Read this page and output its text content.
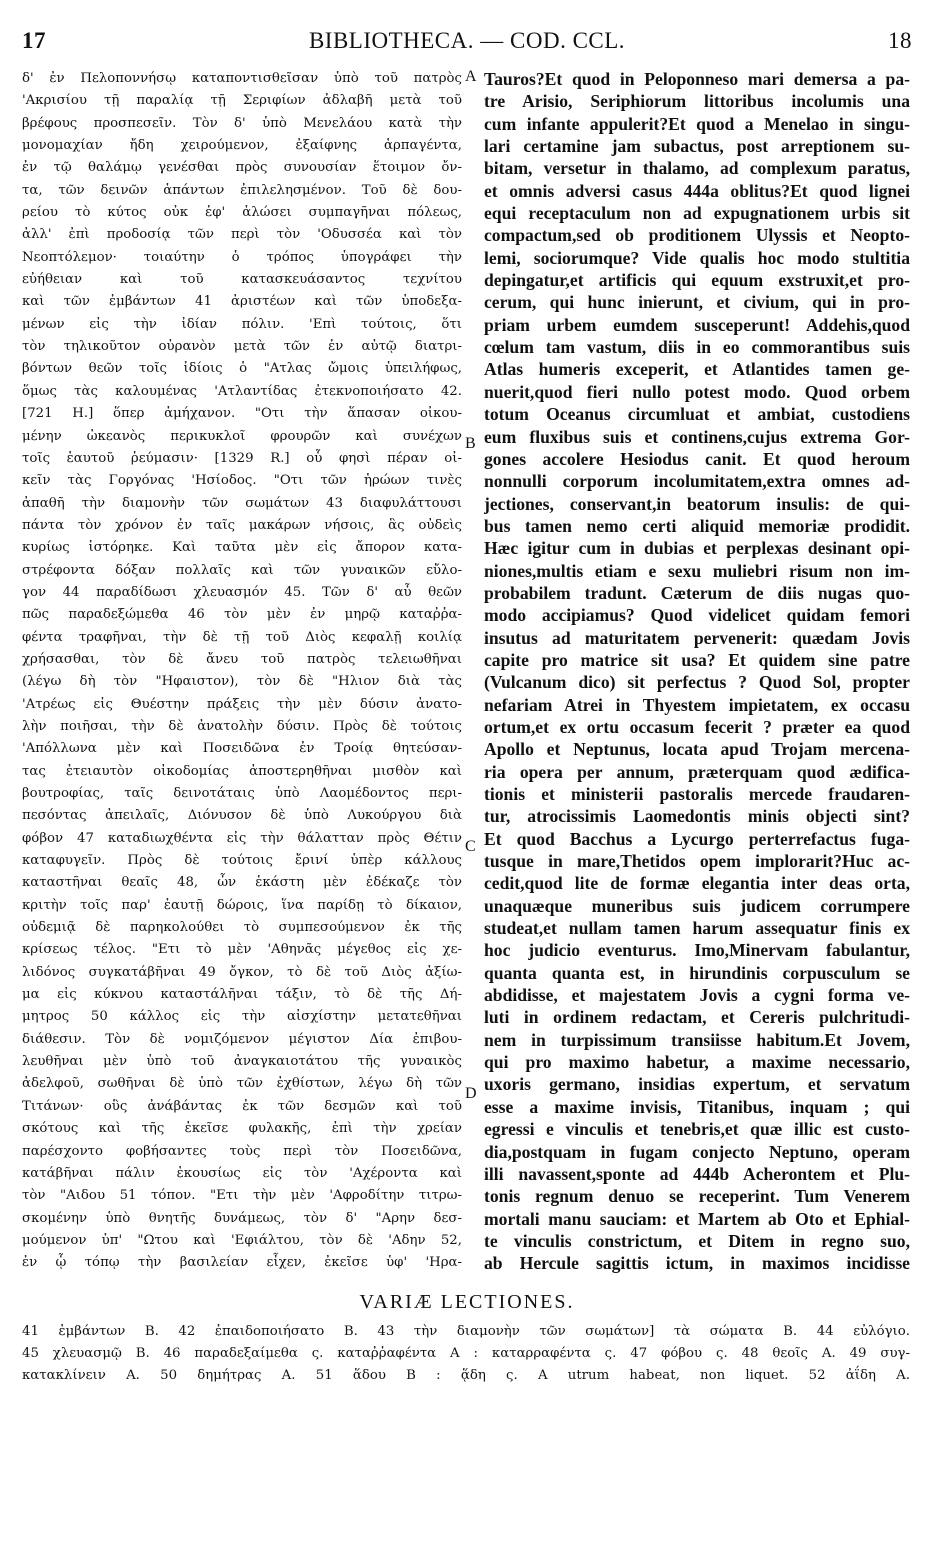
17	BIBLIOTHECA. — COD. CCL.	18
δ' ἐν Πελοποννήσῳ καταποντισθεῖσαν ὑπὸ τοῦ πατρὸς
'Ακρισίου τῇ παραλίᾳ τῇ Σεριφίων ἀδλαβῆ μετὰ τοῦ
βρέφους προσπεσεῖν. Τὸν δ' ὑπὸ Μενελάου κατὰ τὴν
μονομαχίαν ἤδη χειρούμενον, ἐξαίφνης ἁρπαγέντα,
ἐν τῷ θαλάμῳ γενέσθαι πρὸς συνουσίαν ἕτοιμον ὄν-
τα, τῶν δεινῶν ἁπάντων ἐπιλελησμένον. Τοῦ δὲ δου-
ρείου τὸ κύτος οὐκ ἐφ' ἁλώσει συμπαγῆναι πόλεως,
ἀλλ' ἐπὶ προδοσίᾳ τῶν περὶ τὸν 'Οδυσσέα καὶ τὸν
Νεοπτόλεμον· τοιαύτην ὁ τρόπος ὑπογράφει τὴν
εὐήθειαν καὶ τοῦ κατασκευάσαντος τεχνίτου
καὶ τῶν ἐμβάντων 41 ἀριστέων καὶ τῶν ὑποδεξα-
μένων εἰς τὴν ἰδίαν πόλιν. 'Επὶ τούτοις, ὅτι
τὸν τηλικοῦτον οὐρανὸν μετὰ τῶν ἐν αὐτῷ διατρι-
βόντων θεῶν τοῖς ἰδίοις ὁ "Ατλας ὤμοις ὑπειλήφως,
ὅμως τὰς καλουμένας 'Ατλαντίδας ἐτεκνοποιήσατο 42.
[721 H.] ὅπερ ἀμήχανον. "Οτι τὴν ἅπασαν οἰκου-
μένην ὠκεανὸς περικυκλοῖ φρουρῶν καὶ συνέχων
τοῖς ἑαυτοῦ ῥεύμασιν· [1329 R.] οὗ φησὶ πέραν οἰ-
κεῖν τὰς Γοργόνας 'Ησίοδος. "Οτι τῶν ἡρώων τινὲς
ἀπαθῆ τὴν διαμονὴν τῶν σωμάτων 43 διαφυλάττουσι
πάντα τὸν χρόνον ἐν ταῖς μακάρων νήσοις, ἃς οὐδεὶς
κυρίως ἱστόρηκε. Καὶ ταῦτα μὲν εἰς ἄπορον κατα-
στρέφοντα δόξαν πολλαῖς καὶ τῶν γυναικῶν εὔλο-
γον 44 παραδίδωσι χλευασμόν 45. Τῶν δ' αὖ θεῶν
πῶς παραδεξώμεθα 46 τὸν μὲν ἐν μηρῷ καταῤῥα-
φέντα τραφῆναι, τὴν δὲ τῇ τοῦ Διὸς κεφαλῇ κοιλίᾳ
χρήσασθαι, τὸν δὲ ἄνευ τοῦ πατρὸς τελειωθῆναι
(λέγω δὴ τὸν "Ηφαιστον), τὸν δὲ "Ηλιον διὰ τὰς
'Ατρέως εἰς Θυέστην πράξεις τὴν μὲν δύσιν ἀνατο-
λὴν ποιῆσαι, τὴν δὲ ἀνατολὴν δύσιν. Πρὸς δὲ τούτοις
'Απόλλωνα μὲν καὶ Ποσειδῶνα ἐν Τροίᾳ θητεύσαν-
τας ἐτειαυτὸν οἰκοδομίας ἀποστερηθῆναι μισθὸν καὶ
βουτροφίας, ταῖς δεινοτάταις ὑπὸ Λαομέδοντος περι-
πεσόντας ἀπειλαῖς, Διόνυσον δὲ ὑπὸ Λυκούργου διὰ
φόβον 47 καταδιωχθέντα εἰς τὴν θάλατταν πρὸς Θέτιν
καταφυγεῖν. Πρὸς δὲ τούτοις ἔρινί ὑπὲρ κάλλους
καταστῆναι θεαῖς 48, ὧν ἑκάστη μὲν ἐδέκαζε τὸν
κριτὴν τοῖς παρ' ἑαυτῇ δώροις, ἵνα παρίδῃ τὸ δίκαιον,
οὐδεμιᾷ δὲ παρηκολούθει τὸ συμπεσούμενον ἐκ τῆς
κρίσεως τέλος. "Ετι τὸ μὲν 'Αθηνᾶς μέγεθος εἰς χε-
λιδόνος συγκατάβῆναι 49 ὄγκον, τὸ δὲ τοῦ Διὸς ἀξίω-
μα εἰς κύκνου καταστάλῆναι τάξιν, τὸ δὲ τῆς Δή-
μητρος 50 κάλλος εἰς τὴν αἰσχίστην μετατεθῆναι
διάθεσιν. Τὸν δὲ νομιζόμενον μέγιστον Δία ἐπιβου-
λευθῆναι μὲν ὑπὸ τοῦ ἀναγκαιοτάτου τῆς γυναικὸς
ἀδελφοῦ, σωθῆναι δὲ ὑπὸ τῶν ἐχθίστων, λέγω δὴ τῶν
Τιτάνων· οὓς ἀνάβάντας ἐκ τῶν δεσμῶν καὶ τοῦ
σκότους καὶ τῆς ἐκεῖσε φυλακῆς, ἐπὶ τὴν χρείαν
παρέσχοντο φοβήσαντες τοὺς περὶ τὸν Ποσειδῶνα,
κατάβῆναι πάλιν ἑκουσίως εἰς τὸν 'Αχέροντα καὶ
τὸν "Αιδου 51 τόπον. "Ετι τὴν μὲν 'Αφροδίτην τιτρω-
σκομένην ὑπὸ θνητῆς δυνάμεως, τὸν δ' "Αρην δεσ-
μούμενον ὑπ' "Ωτου καὶ 'Εφιάλτου, τὸν δὲ 'Αδην 52,
ἐν ᾧ τόπῳ τὴν βασιλείαν εἶχεν, ἐκεῖσε ὑφ' 'Ηρα-
A
B
C
D
Tauros?Et quod in Peloponneso mari demersa a pa-
tre Arisio, Seriphiorum littoribus incolumis una
cum infante appulerit?Et quod a Menelao in singu-
lari certamine jam subactus, post arreptionem su-
bitam, versetur in thalamo, ad complexum paratus,
et omnis adversi casus 444a oblitus?Et quod lignei
equi receptaculum non ad expugnationem urbis sit
compactum,sed ob proditionem Ulyssis et Neopto-
lemi, sociorumque? Vide qualis hoc modo stultitia
depingatur,et artificis qui equum exstruxit,et pro-
cerum, qui hunc inierunt, et civium, qui in pro-
priam urbem eumdem susceperunt! Addehis,quod
cœlum tam vastum, diis in eo commorantibus suis
Atlas humeris exceperit, et Atlantides tamen ge-
nuerit,quod fieri nullo potest modo. Quod orbem
totum Oceanus circumluat et ambiat, custodiens
eum fluxibus suis et continens,cujus extrema Gor-
gones accolere Hesiodus canit. Et quod heroum
nonnulli corporum incolumitatem,extra omnes ad-
jectiones, conservant,in beatorum insulis: de qui-
bus tamen nemo certi aliquid memoriæ prodidit.
Hæc igitur cum in dubias et perplexas desinant opi-
niones,multis etiam e sexu muliebri risum non im-
probabilem tradunt. Cæterum de diis nugas quo-
modo accipiamus? Quod videlicet quidam femori
insutus ad maturitatem pervenerit: quædam Jovis
capite pro matrice sit usa? Et quidem sine patre
(Vulcanum dico) sit perfectus ? Quod Sol, propter
nefariam Atrei in Thyestem impietatem, ex occasu
ortum,et ex ortu occasum fecerit ? præter ea quod
Apollo et Neptunus, locata apud Trojam mercena-
ria opera per annum, præterquam quod ædifica-
tionis et ministerii pastoralis mercede fraudaren-
tur, atrocissimis Laomedontis minis objecti sint?
Et quod Bacchus a Lycurgo perterrefactus fuga-
tusque in mare,Thetidos opem implorarit?Huc ac-
cedit,quod lite de formæ elegantia inter deas orta,
unaquæque muneribus suis judicem corrumpere
studeat,et nullam tamen harum assequatur finis ex
hoc judicio eventurus. Imo,Minervam fabulantur,
quanta quanta est, in hirundinis corpusculum se
abdidisse, et majestatem Jovis a cygni forma ve-
luti in ordinem redactam, et Cereris pulchritudi-
nem in turpissimum transiisse habitum.Et Jovem,
qui pro maximo habetur, a maxime necessario,
uxoris germano, insidias expertum, et servatum
esse a maxime invisis, Titanibus, inquam ; qui
egressi e vinculis et tenebris,et quæ illic est custo-
dia,postquam in fugam conjecto Neptuno, operam
illi navassent,sponte ad 444b Acherontem et Plu-
tonis regnum denuo se receperint. Tum Venerem
mortali manu sauciam: et Martem ab Oto et Ephial-
te vinculis constrictum, et Ditem in regno suo,
ab Hercule sagittis ictum, in maximos incidisse
VARIÆ LECTIONES.
41 ἐμβάντων B. 42 ἐπαιδοποιήσατο B. 43 τὴν διαμονὴν τῶν σωμάτων] τὰ σώματα B. 44 εὐλόγιο.
45 χλευασμῷ B. 46 παραδεξαίμεθα ς. καταῤῥαφέντα A : καταρραφέντα ς. 47 φόβου ς. 48 θεοῖς A. 49 συγ-
κατακλίνειν A. 50 δημήτρας A. 51 ἅδου B : ᾅδη ς. A utrum habeat, non liquet. 52 ἀΐδη A.
